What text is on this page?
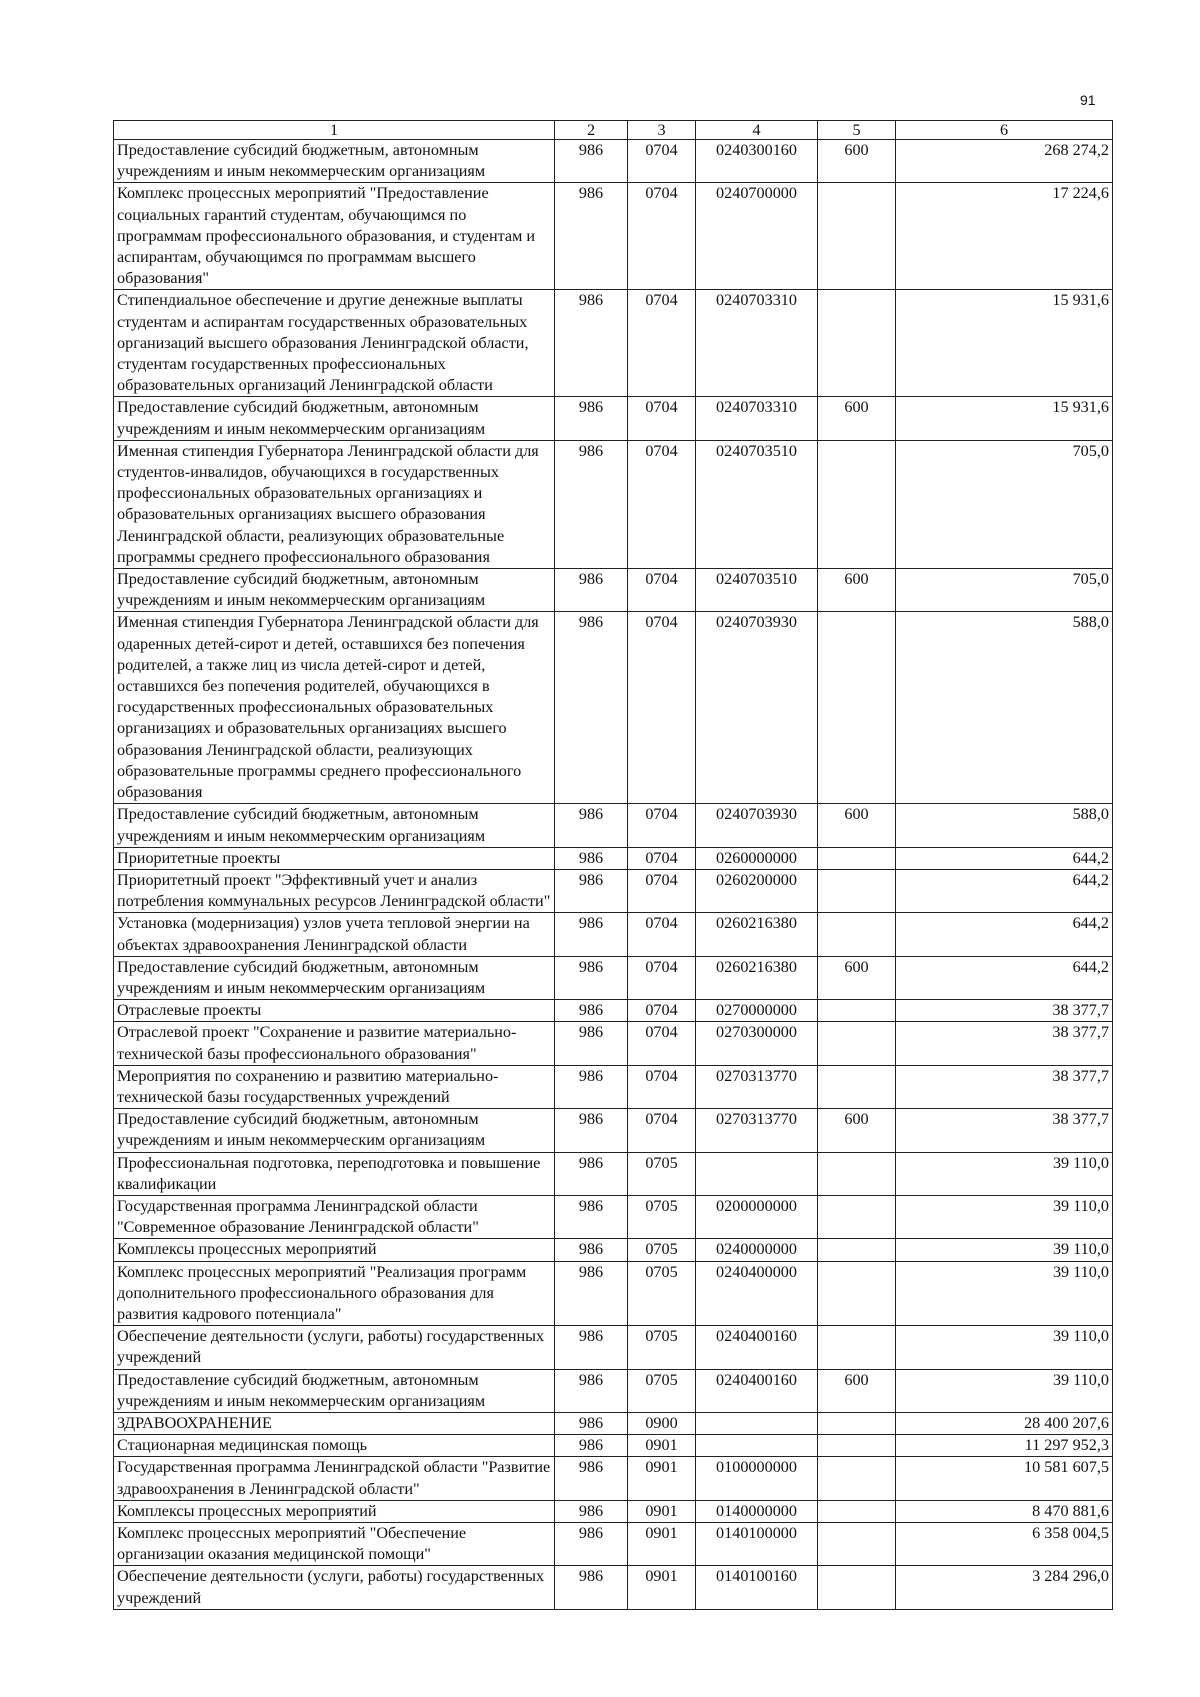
91
1	2	3	4	5	6
Предоставление субсидий бюджетным, автономным учреждениям и иным некоммерческим организациям	986	0704	0240300160	600	268 274,2
Комплекс процессных мероприятий "Предоставление социальных гарантий студентам, обучающимся по программам профессионального образования, и студентам и аспирантам, обучающимся по программам высшего образования"	986	0704	0240700000		17 224,6
Стипендиальное обеспечение и другие денежные выплаты студентам и аспирантам государственных образовательных организаций высшего образования Ленинградской области, студентам государственных профессиональных образовательных организаций Ленинградской области	986	0704	0240703310		15 931,6
Предоставление субсидий бюджетным, автономным учреждениям и иным некоммерческим организациям	986	0704	0240703310	600	15 931,6
Именная стипендия Губернатора Ленинградской области для студентов-инвалидов, обучающихся в государственных профессиональных образовательных организациях и образовательных организациях высшего образования Ленинградской области, реализующих образовательные программы среднего профессионального образования	986	0704	0240703510		705,0
Предоставление субсидий бюджетным, автономным учреждениям и иным некоммерческим организациям	986	0704	0240703510	600	705,0
Именная стипендия Губернатора Ленинградской области для одаренных детей-сирот и детей, оставшихся без попечения родителей, а также лиц из числа детей-сирот и детей, оставшихся без попечения родителей, обучающихся в государственных профессиональных образовательных организациях и образовательных организациях высшего образования Ленинградской области, реализующих образовательные программы среднего профессионального образования	986	0704	0240703930		588,0
Предоставление субсидий бюджетным, автономным учреждениям и иным некоммерческим организациям	986	0704	0240703930	600	588,0
Приоритетные проекты	986	0704	0260000000		644,2
Приоритетный проект "Эффективный учет и анализ потребления коммунальных ресурсов Ленинградской области"	986	0704	0260200000		644,2
Установка (модернизация) узлов учета тепловой энергии на объектах здравоохранения Ленинградской области	986	0704	0260216380		644,2
Предоставление субсидий бюджетным, автономным учреждениям и иным некоммерческим организациям	986	0704	0260216380	600	644,2
Отраслевые проекты	986	0704	0270000000		38 377,7
Отраслевой проект "Сохранение и развитие материально-технической базы профессионального образования"	986	0704	0270300000		38 377,7
Мероприятия по сохранению и развитию материально-технической базы государственных учреждений	986	0704	0270313770		38 377,7
Предоставление субсидий бюджетным, автономным учреждениям и иным некоммерческим организациям	986	0704	0270313770	600	38 377,7
Профессиональная подготовка, переподготовка и повышение квалификации	986	0705			39 110,0
Государственная программа Ленинградской области "Современное образование Ленинградской области"	986	0705	0200000000		39 110,0
Комплексы процессных мероприятий	986	0705	0240000000		39 110,0
Комплекс процессных мероприятий "Реализация программ дополнительного профессионального образования для развития кадрового потенциала"	986	0705	0240400000		39 110,0
Обеспечение деятельности (услуги, работы) государственных учреждений	986	0705	0240400160		39 110,0
Предоставление субсидий бюджетным, автономным учреждениям и иным некоммерческим организациям	986	0705	0240400160	600	39 110,0
ЗДРАВООХРАНЕНИЕ	986	0900			28 400 207,6
Стационарная медицинская помощь	986	0901			11 297 952,3
Государственная программа Ленинградской области "Развитие здравоохранения в Ленинградской области"	986	0901	0100000000		10 581 607,5
Комплексы процессных мероприятий	986	0901	0140000000		8 470 881,6
Комплекс процессных мероприятий "Обеспечение организации оказания медицинской помощи"	986	0901	0140100000		6 358 004,5
Обеспечение деятельности (услуги, работы) государственных учреждений	986	0901	0140100160		3 284 296,0
